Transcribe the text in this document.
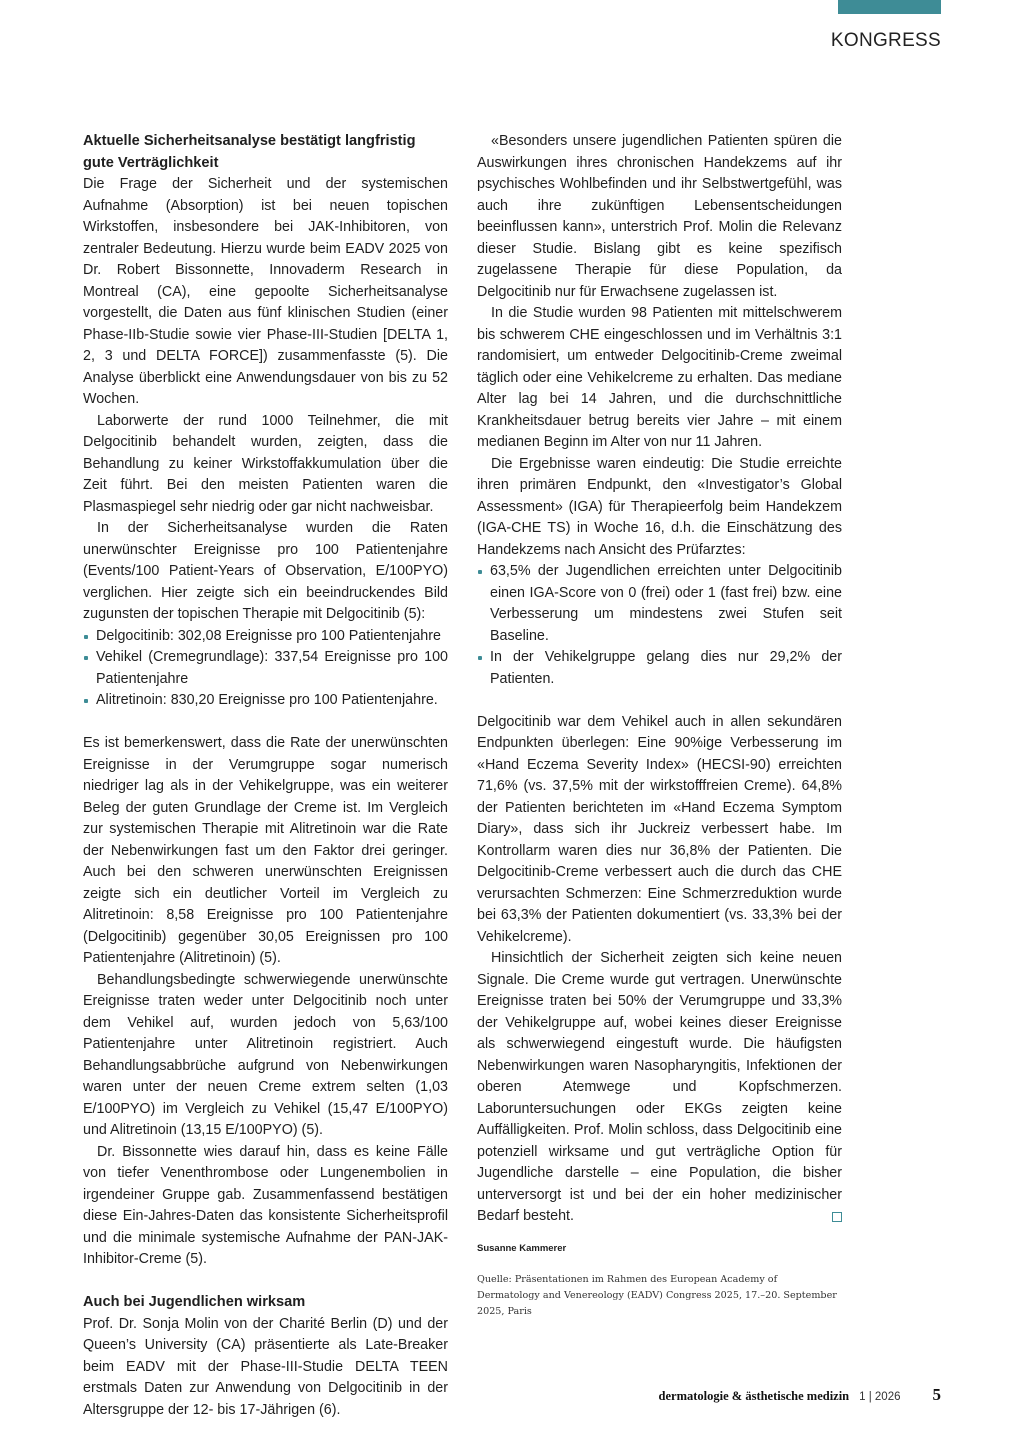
KONGRESS
Aktuelle Sicherheitsanalyse bestätigt langfristig gute Verträglichkeit

Die Frage der Sicherheit und der systemischen Aufnahme (Absorption) ist bei neuen topischen Wirkstoffen, insbesondere bei JAK-Inhibitoren, von zentraler Bedeutung. Hierzu wurde beim EADV 2025 von Dr. Robert Bissonnette, Innovaderm Research in Montreal (CA), eine gepoolte Sicherheitsanalyse vorgestellt, die Daten aus fünf klinischen Studien (einer Phase-IIb-Studie sowie vier Phase-III-Studien [DELTA 1, 2, 3 und DELTA FORCE]) zusammenfasste (5). Die Analyse überblickt eine Anwendungsdauer von bis zu 52 Wochen.

Laborwerte der rund 1000 Teilnehmer, die mit Delgocitinib behandelt wurden, zeigten, dass die Behandlung zu keiner Wirkstoffakkumulation über die Zeit führt. Bei den meisten Patienten waren die Plasmaspiegel sehr niedrig oder gar nicht nachweisbar.

In der Sicherheitsanalyse wurden die Raten unerwünschter Ereignisse pro 100 Patientenjahre (Events/100 Patient-Years of Observation, E/100PYO) verglichen. Hier zeigte sich ein beeindruckendes Bild zugunsten der topischen Therapie mit Delgocitinib (5):

Delgocitinib: 302,08 Ereignisse pro 100 Patientenjahre
Vehikel (Cremegrundlage): 337,54 Ereignisse pro 100 Patientenjahre
Alitretinoin: 830,20 Ereignisse pro 100 Patientenjahre.

Es ist bemerkenswert, dass die Rate der unerwünschten Ereignisse in der Verumgruppe sogar numerisch niedriger lag als in der Vehikelgruppe, was ein weiterer Beleg der guten Grundlage der Creme ist. Im Vergleich zur systemischen Therapie mit Alitretinoin war die Rate der Nebenwirkungen fast um den Faktor drei geringer. Auch bei den schweren unerwünschten Ereignissen zeigte sich ein deutlicher Vorteil im Vergleich zu Alitretinoin: 8,58 Ereignisse pro 100 Patientenjahre (Delgocitinib) gegenüber 30,05 Ereignissen pro 100 Patientenjahre (Alitretinoin) (5).

Behandlungsbedingte schwerwiegende unerwünschte Ereignisse traten weder unter Delgocitinib noch unter dem Vehikel auf, wurden jedoch von 5,63/100 Patientenjahre unter Alitretinoin registriert. Auch Behandlungsabbrüche aufgrund von Nebenwirkungen waren unter der neuen Creme extrem selten (1,03 E/100PYO) im Vergleich zu Vehikel (15,47 E/100PYO) und Alitretinoin (13,15 E/100PYO) (5).

Dr. Bissonnette wies darauf hin, dass es keine Fälle von tiefer Venenthrombose oder Lungenembolien in irgendeiner Gruppe gab. Zusammenfassend bestätigen diese Ein-Jahres-Daten das konsistente Sicherheitsprofil und die minimale systemische Aufnahme der PAN-JAK-Inhibitor-Creme (5).

Auch bei Jugendlichen wirksam

Prof. Dr. Sonja Molin von der Charité Berlin (D) und der Queen’s University (CA) präsentierte als Late-Breaker beim EADV mit der Phase-III-Studie DELTA TEEN erstmals Daten zur Anwendung von Delgocitinib in der Altersgruppe der 12- bis 17-Jährigen (6).

«Besonders unsere jugendlichen Patienten spüren die Auswirkungen ihres chronischen Handekzems auf ihr psychisches Wohlbefinden und ihr Selbstwertgefühl, was auch ihre zukünftigen Lebensentscheidungen beeinflussen kann», unterstrich Prof. Molin die Relevanz dieser Studie. Bislang gibt es keine spezifisch zugelassene Therapie für diese Population, da Delgocitinib nur für Erwachsene zugelassen ist.

In die Studie wurden 98 Patienten mit mittelschwerem bis schwerem CHE eingeschlossen und im Verhältnis 3:1 randomisiert, um entweder Delgocitinib-Creme zweimal täglich oder eine Vehikelcreme zu erhalten. Das mediane Alter lag bei 14 Jahren, und die durchschnittliche Krankheitsdauer betrug bereits vier Jahre – mit einem medianen Beginn im Alter von nur 11 Jahren.

Die Ergebnisse waren eindeutig: Die Studie erreichte ihren primären Endpunkt, den «Investigator’s Global Assessment» (IGA) für Therapieerfolg beim Handekzem (IGA-CHE TS) in Woche 16, d.h. die Einschätzung des Handekzems nach Ansicht des Prüfarztes:

63,5% der Jugendlichen erreichten unter Delgocitinib einen IGA-Score von 0 (frei) oder 1 (fast frei) bzw. eine Verbesserung um mindestens zwei Stufen seit Baseline.
In der Vehikelgruppe gelang dies nur 29,2% der Patienten.

Delgocitinib war dem Vehikel auch in allen sekundären Endpunkten überlegen: Eine 90%ige Verbesserung im «Hand Eczema Severity Index» (HECSI-90) erreichten 71,6% (vs. 37,5% mit der wirkstofffreien Creme). 64,8% der Patienten berichteten im «Hand Eczema Symptom Diary», dass sich ihr Juckreiz verbessert habe. Im Kontrollarm waren dies nur 36,8% der Patienten. Die Delgocitinib-Creme verbessert auch die durch das CHE verursachten Schmerzen: Eine Schmerzreduktion wurde bei 63,3% der Patienten dokumentiert (vs. 33,3% bei der Vehikelcreme).

Hinsichtlich der Sicherheit zeigten sich keine neuen Signale. Die Creme wurde gut vertragen. Unerwünschte Ereignisse traten bei 50% der Verumgruppe und 33,3% der Vehikelgruppe auf, wobei keines dieser Ereignisse als schwerwiegend eingestuft wurde. Die häufigsten Nebenwirkungen waren Nasopharyngitis, Infektionen der oberen Atemwege und Kopfschmerzen. Laboruntersuchungen oder EKGs zeigten keine Auffälligkeiten. Prof. Molin schloss, dass Delgocitinib eine potenziell wirksame und gut verträgliche Option für Jugendliche darstelle – eine Population, die bisher unterversorgt ist und bei der ein hoher medizinischer Bedarf besteht.

Susanne Kammerer
Quelle: Präsentationen im Rahmen des European Academy of Dermatology and Venereology (EADV) Congress 2025, 17.–20. September 2025, Paris
dermatologie & ästhetische medizin 1 | 2026 5
